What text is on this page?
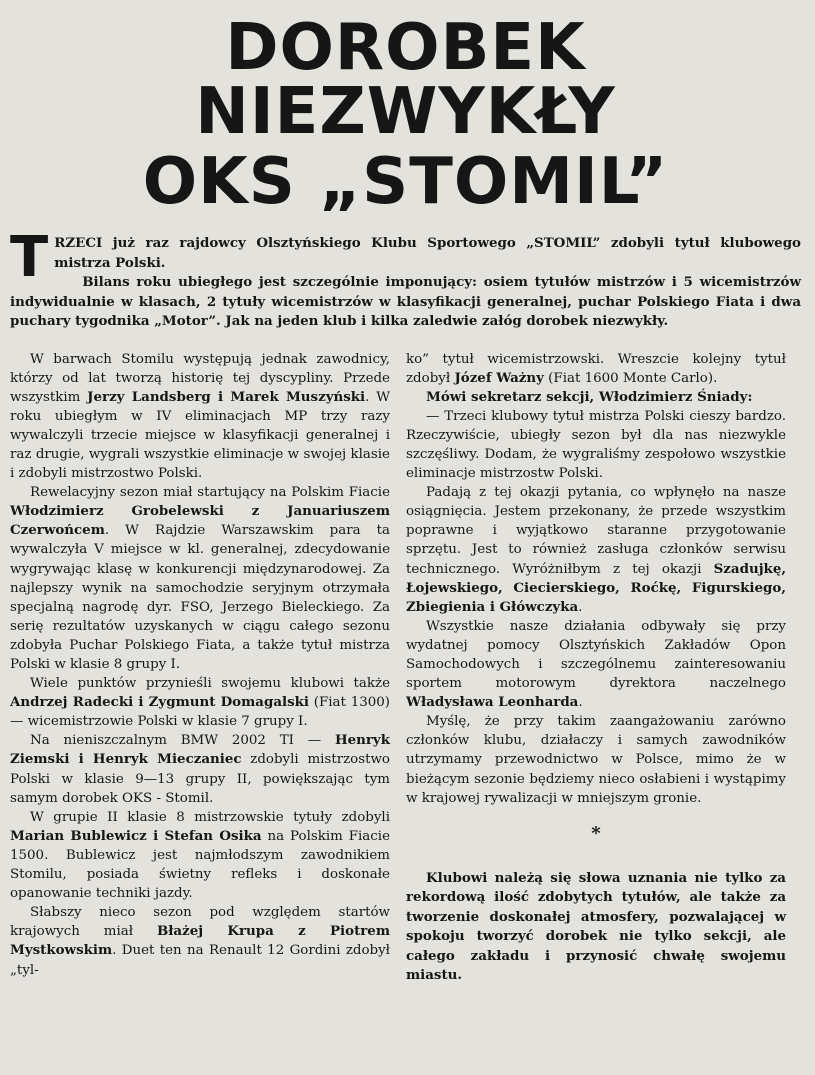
DOROBEK NIEZWYKŁY
OKS „STOMIL”
T RZECI już raz rajdowcy Olsztyńskiego Klubu Sportowego „STOMIL” zdobyli tytuł klubowego mistrza Polski.

Bilans roku ubiegłego jest szczególnie imponujący: osiem tytułów mistrzów i 5 wicemistrzów indywidualnie w klasach, 2 tytuły wicemistrzów w klasyfikacji generalnej, puchar Polskiego Fiata i dwa puchary tygodnika „Motor”. Jak na jeden klub i kilka zaledwie załóg dorobek niezwykły.

W barwach Stomilu występują jednak zawodnicy, którzy od lat tworzą historię tej dyscypliny. Przede wszystkim Jerzy Landsberg i Marek Muszyński. W roku ubiegłym w IV eliminacjach MP trzy razy wywalczyli trzecie miejsce w klasyfikacji generalnej i raz drugie, wygrali wszystkie eliminacje w swojej klasie i zdobyli mistrzostwo Polski.

Rewelacyjny sezon miał startujący na Polskim Fiacie Włodzimierz Grobelewski z Januariuszem Czerwońcem. W Rajdzie Warszawskim para ta wywalczyła V miejsce w kl. generalnej, zdecydowanie wygrywając klasę w konkurencji międzynarodowej. Za najlepszy wynik na samochodzie seryjnym otrzymała specjalną nagrodę dyr. FSO, Jerzego Bieleckiego. Za serię rezultatów uzyskanych w ciągu całego sezonu zdobyła Puchar Polskiego Fiata, a także tytuł mistrza Polski w klasie 8 grupy I.

Wiele punktów przynieśli swojemu klubowi także Andrzej Radecki i Zygmunt Domagalski (Fiat 1300) — wicemistrzowie Polski w klasie 7 grupy I.

Na nieniszczalnym BMW 2002 TI — Henryk Ziemski i Henryk Mieczaniec zdobyli mistrzostwo Polski w klasie 9—13 grupy II, powiększając tym samym dorobek OKS - Stomil.

W grupie II klasie 8 mistrzowskie tytuły zdobyli Marian Bublewicz i Stefan Osika na Polskim Fiacie 1500. Bublewicz jest najmłodszym zawodnikiem Stomilu, posiada świetny refleks i doskonałe opanowanie techniki jazdy.

Słabszy nieco sezon pod względem startów krajowych miał Błażej Krupa z Piotrem Mystkowskim. Duet ten na Renault 12 Gordini zdobył „tyl-

ko” tytuł wicemistrzowski. Wreszcie kolejny tytuł zdobył Józef Ważny (Fiat 1600 Monte Carlo).

Mówi sekretarz sekcji, Włodzimierz Śniady:

— Trzeci klubowy tytuł mistrza Polski cieszy bardzo. Rzeczywiście, ubiegły sezon był dla nas niezwykle szczęśliwy. Dodam, że wygraliśmy zespołowo wszystkie eliminacje mistrzostw Polski.

Padają z tej okazji pytania, co wpłynęło na nasze osiągnięcia. Jestem przekonany, że przede wszystkim poprawne i wyjątkowo staranne przygotowanie sprzętu. Jest to również zasługa członków serwisu technicznego. Wyróżniłbym z tej okazji Szadujkę, Łojewskiego, Ciecierskiego, Roćkę, Figurskiego, Zbiegienia i Główczyka.

Wszystkie nasze działania odbywały się przy wydatnej pomocy Olsztyńskich Zakładów Opon Samochodowych i szczególnemu zainteresowaniu sportem motorowym dyrektora naczelnego Władysława Leonharda.

Myślę, że przy takim zaangażowaniu zarówno członków klubu, działaczy i samych zawodników utrzymamy przewodnictwo w Polsce, mimo że w bieżącym sezonie będziemy nieco osłabieni i wystąpimy w krajowej rywalizacji w mniejszym gronie.

*

Klubowi należą się słowa uznania nie tylko za rekordową ilość zdobytych tytułów, ale także za tworzenie doskonałej atmosfery, pozwalającej w spokoju tworzyć dorobek nie tylko sekcji, ale całego zakładu i przynosić chwałę swojemu miastu.
